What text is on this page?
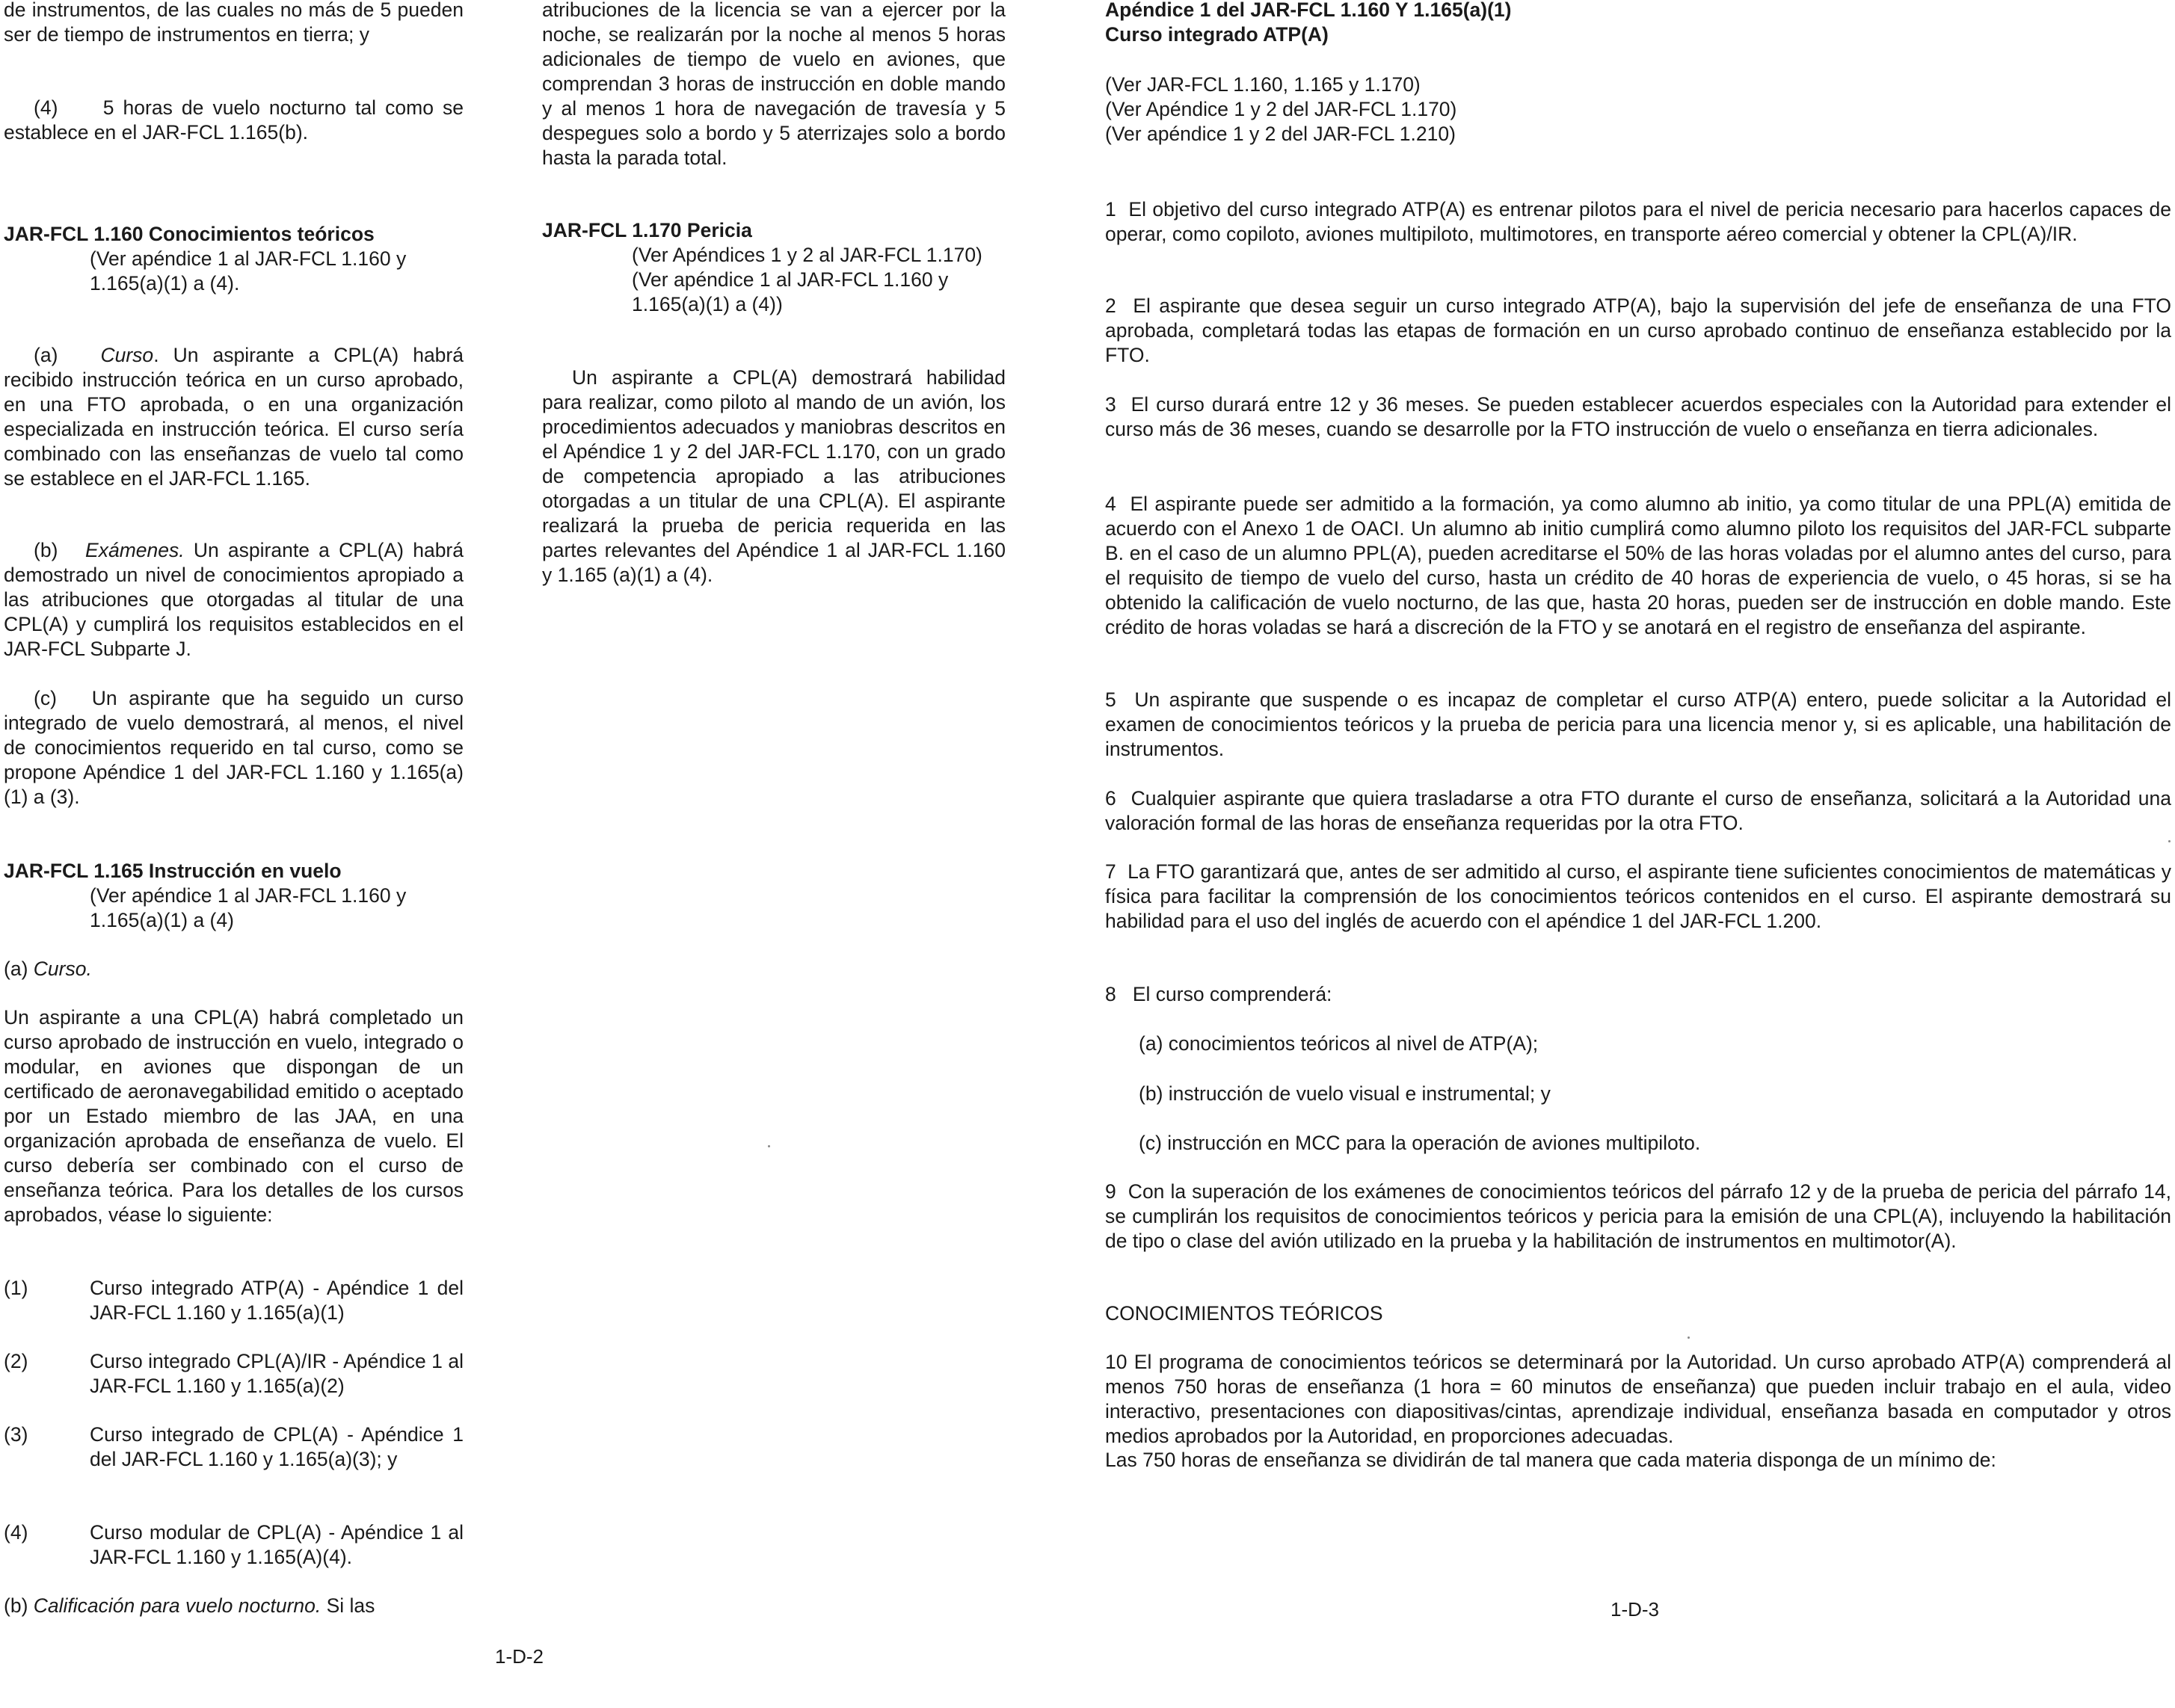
de instrumentos, de las cuales no más de 5 pueden ser de tiempo de instrumentos en tierra; y

(4)     5 horas de vuelo nocturno tal como se establece en el JAR-FCL 1.165(b).

JAR-FCL 1.160 Conocimientos teóricos

(Ver apéndice 1 al JAR-FCL 1.160 y 1.165(a)(1) a (4).

(a) Curso. Un aspirante a CPL(A) habrá recibido instrucción teórica en un curso aprobado, en una FTO aprobada, o en una organización especializada en instrucción teórica. El curso sería combinado con las enseñanzas de vuelo tal como se establece en el JAR-FCL 1.165.

(b) Exámenes. Un aspirante a CPL(A) habrá demostrado un nivel de conocimientos apropiado a las atribuciones que otorgadas al titular de una CPL(A) y cumplirá los requisitos establecidos en el JAR-FCL Subparte J.

(c)   Un aspirante que ha seguido un curso integrado de vuelo demostrará, al menos, el nivel de conocimientos requerido en tal curso, como se propone Apéndice 1 del JAR-FCL 1.160 y 1.165(a)(1) a (3).

JAR-FCL 1.165 Instrucción en vuelo

(Ver apéndice 1 al JAR-FCL 1.160 y 1.165(a)(1) a (4)

(a) Curso.

Un aspirante a una CPL(A) habrá completado un curso aprobado de instrucción en vuelo, integrado o modular, en aviones que dispongan de un certificado de aeronavegabilidad emitido o aceptado por un Estado miembro de las JAA, en una organización aprobada de enseñanza de vuelo. El curso debería ser combinado con el curso de enseñanza teórica. Para los detalles de los cursos aprobados, véase lo siguiente:

(1)	Curso integrado ATP(A) - Apéndice 1 del JAR-FCL 1.160 y 1.165(a)(1)
(2)	Curso integrado CPL(A)/IR - Apéndice 1 al JAR-FCL 1.160 y 1.165(a)(2)
(3)	Curso integrado de CPL(A) - Apéndice 1 del JAR-FCL 1.160 y 1.165(a)(3); y
(4)	Curso modular de CPL(A) - Apéndice 1 al JAR-FCL 1.160 y 1.165(A)(4).

(b) Calificación para vuelo nocturno. Si las

atribuciones de la licencia se van a ejercer por la noche, se realizarán por la noche al menos 5 horas adicionales de tiempo de vuelo en aviones, que comprendan 3 horas de instrucción en doble mando y al menos 1 hora de navegación de travesía y 5 despegues solo a bordo y 5 aterrizajes solo a bordo hasta la parada total.

JAR-FCL 1.170 Pericia

(Ver Apéndices 1 y 2 al JAR-FCL 1.170)

(Ver apéndice 1 al JAR-FCL 1.160 y 1.165(a)(1) a (4))

Un aspirante a CPL(A) demostrará habilidad para realizar, como piloto al mando de un avión, los procedimientos adecuados y maniobras descritos en el Apéndice 1 y 2 del JAR-FCL 1.170, con un grado de competencia apropiado a las atribuciones otorgadas a un titular de una CPL(A). El aspirante realizará la prueba de pericia requerida en las partes relevantes del Apéndice 1 al JAR-FCL 1.160 y 1.165 (a)(1) a (4).

1-D-2

Apéndice 1 del JAR-FCL 1.160 Y 1.165(a)(1)

Curso integrado ATP(A)

(Ver JAR-FCL 1.160, 1.165 y 1.170)

(Ver Apéndice 1 y 2 del JAR-FCL 1.170)

(Ver apéndice 1 y 2 del JAR-FCL 1.210)

1  El objetivo del curso integrado ATP(A) es entrenar pilotos para el nivel de pericia necesario para hacerlos capaces de operar, como copiloto, aviones multipiloto, multimotores, en transporte aéreo comercial y obtener la CPL(A)/IR.

2  El aspirante que desea seguir un curso integrado ATP(A), bajo la supervisión del jefe de enseñanza de una FTO aprobada, completará todas las etapas de formación en un curso aprobado continuo de enseñanza establecido por la FTO.

3  El curso durará entre 12 y 36 meses. Se pueden establecer acuerdos especiales con la Autoridad para extender el curso más de 36 meses, cuando se desarrolle por la FTO instrucción de vuelo o enseñanza en tierra adicionales.

4  El aspirante puede ser admitido a la formación, ya como alumno ab initio, ya como titular de una PPL(A) emitida de acuerdo con el Anexo 1 de OACI. Un alumno ab initio cumplirá como alumno piloto los requisitos del JAR-FCL subparte B. en el caso de un alumno PPL(A), pueden acreditarse el 50% de las horas voladas por el alumno antes del curso, para el requisito de tiempo de vuelo del curso, hasta un crédito de 40 horas de experiencia de vuelo, o 45 horas, si se ha obtenido la calificación de vuelo nocturno, de las que, hasta 20 horas, pueden ser de instrucción en doble mando. Este crédito de horas voladas se hará a discreción de la FTO y se anotará en el registro de enseñanza del aspirante.

5  Un aspirante que suspende o es incapaz de completar el curso ATP(A) entero, puede solicitar a la Autoridad el examen de conocimientos teóricos y la prueba de pericia para una licencia menor y, si es aplicable, una habilitación de instrumentos.

6  Cualquier aspirante que quiera trasladarse a otra FTO durante el curso de enseñanza, solicitará a la Autoridad una valoración formal de las horas de enseñanza requeridas por la otra FTO.

7  La FTO garantizará que, antes de ser admitido al curso, el aspirante tiene suficientes conocimientos de matemáticas y física para facilitar la comprensión de los conocimientos teóricos contenidos en el curso. El aspirante demostrará su habilidad para el uso del inglés de acuerdo con el apéndice 1 del JAR-FCL 1.200.

8   El curso comprenderá:

(a) conocimientos teóricos al nivel de ATP(A);

(b) instrucción de vuelo visual e instrumental; y

(c) instrucción en MCC para la operación de aviones multipiloto.

9  Con la superación de los exámenes de conocimientos teóricos del párrafo 12 y de la prueba de pericia del párrafo 14, se cumplirán los requisitos de conocimientos teóricos y pericia para la emisión de una CPL(A), incluyendo la habilitación de tipo o clase del avión utilizado en la prueba y la habilitación de instrumentos en multimotor(A).

CONOCIMIENTOS TEÓRICOS

10 El programa de conocimientos teóricos se determinará por la Autoridad. Un curso aprobado ATP(A) comprenderá al menos 750 horas de enseñanza (1 hora = 60 minutos de enseñanza) que pueden incluir trabajo en el aula, video interactivo, presentaciones con diapositivas/cintas, aprendizaje individual, enseñanza basada en computador y otros medios aprobados por la Autoridad, en proporciones adecuadas.

Las 750 horas de enseñanza se dividirán de tal manera que cada materia disponga de un mínimo de:

1-D-3
